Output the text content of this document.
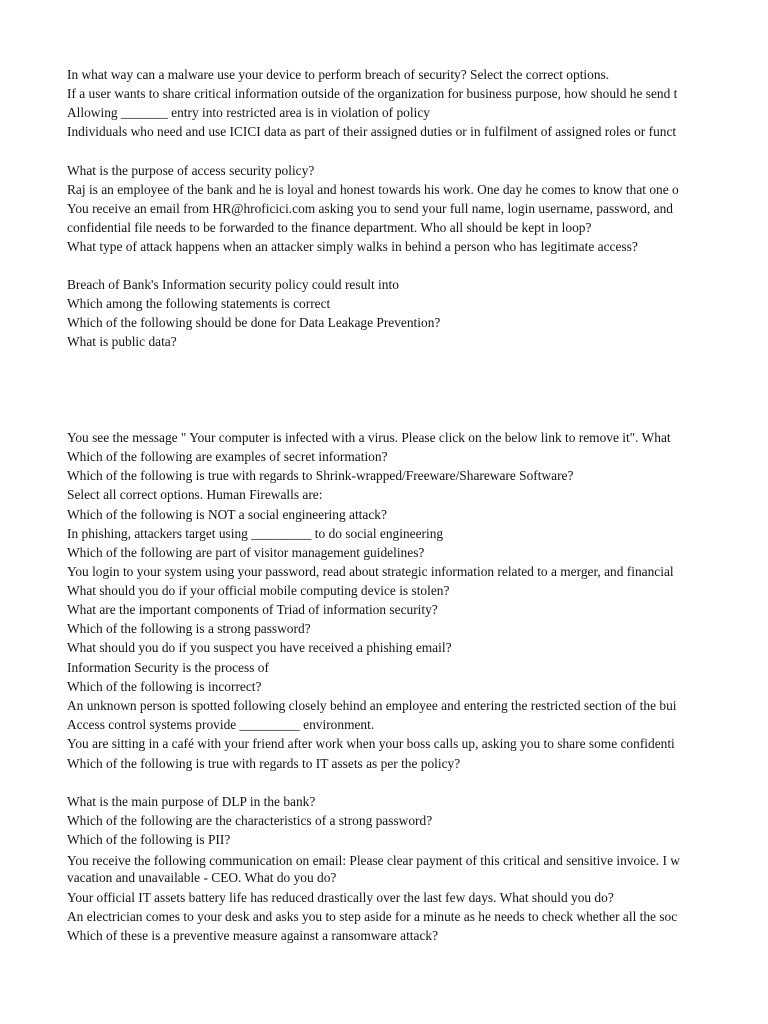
In what way can a malware use your device to perform breach of security? Select the correct options.

If a user wants to share critical information outside of the organization for business purpose, how should he send t

Allowing _______ entry into restricted area is in violation of policy

Individuals who need and use ICICI data as part of their assigned duties or in fulfilment of assigned roles or funct

What is the purpose of access security policy?

Raj is an employee of the bank and he is loyal and honest towards his work. One day he comes to know that one o

You receive an email from HR@hroficici.com asking you to send your full name, login username, password, and

confidential file needs to be forwarded to the finance department. Who all should be kept in loop?

What type of attack happens when an attacker simply walks in behind a person who has legitimate access?

Breach of Bank's Information security policy could result into

Which among the following statements is correct

Which of the following should be done for Data Leakage Prevention?

What is public data?

You see the message " Your computer is infected with a virus. Please click on the below link to remove it". What

Which of the following are examples of secret information?

Which of the following is true with regards to Shrink-wrapped/Freeware/Shareware Software?

Select all correct options. Human Firewalls are:

Which of the following is NOT a social engineering attack?

In phishing, attackers target using _________ to do social engineering

Which of the following are part of visitor management guidelines?

You login to your system using your password, read about strategic information related to a merger, and financial

What should you do if your official mobile computing device is stolen?

What are the important components of Triad of information security?

Which of the following is a strong password?

What should you do if you suspect you have received a phishing email?

Information Security is the process of

Which of the following is incorrect?

An unknown person is spotted following closely behind an employee and entering the restricted section of the bui

Access control systems provide _________ environment.

You are sitting in a café with your friend after work when your boss calls up, asking you to share some confidenti

Which of the following is true with regards to IT assets as per the policy?

What is the main purpose of DLP in the bank?

Which of the following are the characteristics of a strong password?

Which of the following is PII?

You receive the following communication on email: Please clear payment of this critical and sensitive invoice. I w

vacation and unavailable - CEO. What do you do?

Your official IT assets battery life has reduced drastically over the last few days. What should you do?

An electrician comes to your desk and asks you to step aside for a minute as he needs to check whether all the soc

Which of these is a preventive measure against a ransomware attack?
